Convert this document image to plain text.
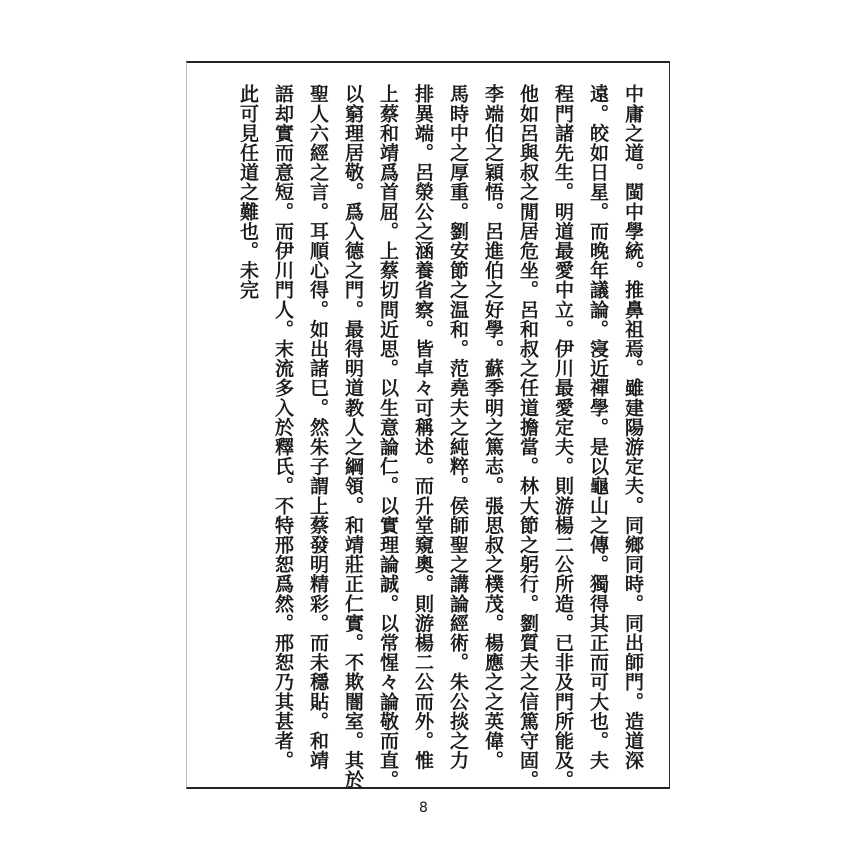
中庸之道。閩中學統。推鼻祖焉。雖建陽游定夫。同鄉同時。同出師門。造道深
遠。皎如日星。而晚年議論。寖近禪學。是以龜山之傳。獨得其正而可大也。夫
程門諸先生。明道最愛中立。伊川最愛定夫。則游楊二公所造。已非及門所能及。
他如呂與叔之閒居危坐。呂和叔之任道擔當。林大節之躬行。劉質夫之信篤守固。
李端伯之穎悟。呂進伯之好學。蘇季明之篤志。張思叔之樸茂。楊應之之英偉。
馬時中之厚重。劉安節之温和。范堯夫之純粹。侯師聖之講論經術。朱公掞之力
排異端。呂滎公之涵養省察。皆卓々可稱述。而升堂窺奧。則游楊二公而外。惟
上蔡和靖爲首屈。上蔡切問近思。以生意論仁。以實理論誠。以常惺々論敬而直。
以窮理居敬。爲入德之門。最得明道教人之綱領。和靖莊正仁實。不欺闇室。其於
聖人六經之言。耳順心得。如出諸巳。然朱子謂上蔡發明精彩。而未穩貼。和靖
語却實而意短。而伊川門人。末流多入於釋氏。不特邢恕爲然。邢恕乃其甚者。
此可見任道之難也。未完
8
